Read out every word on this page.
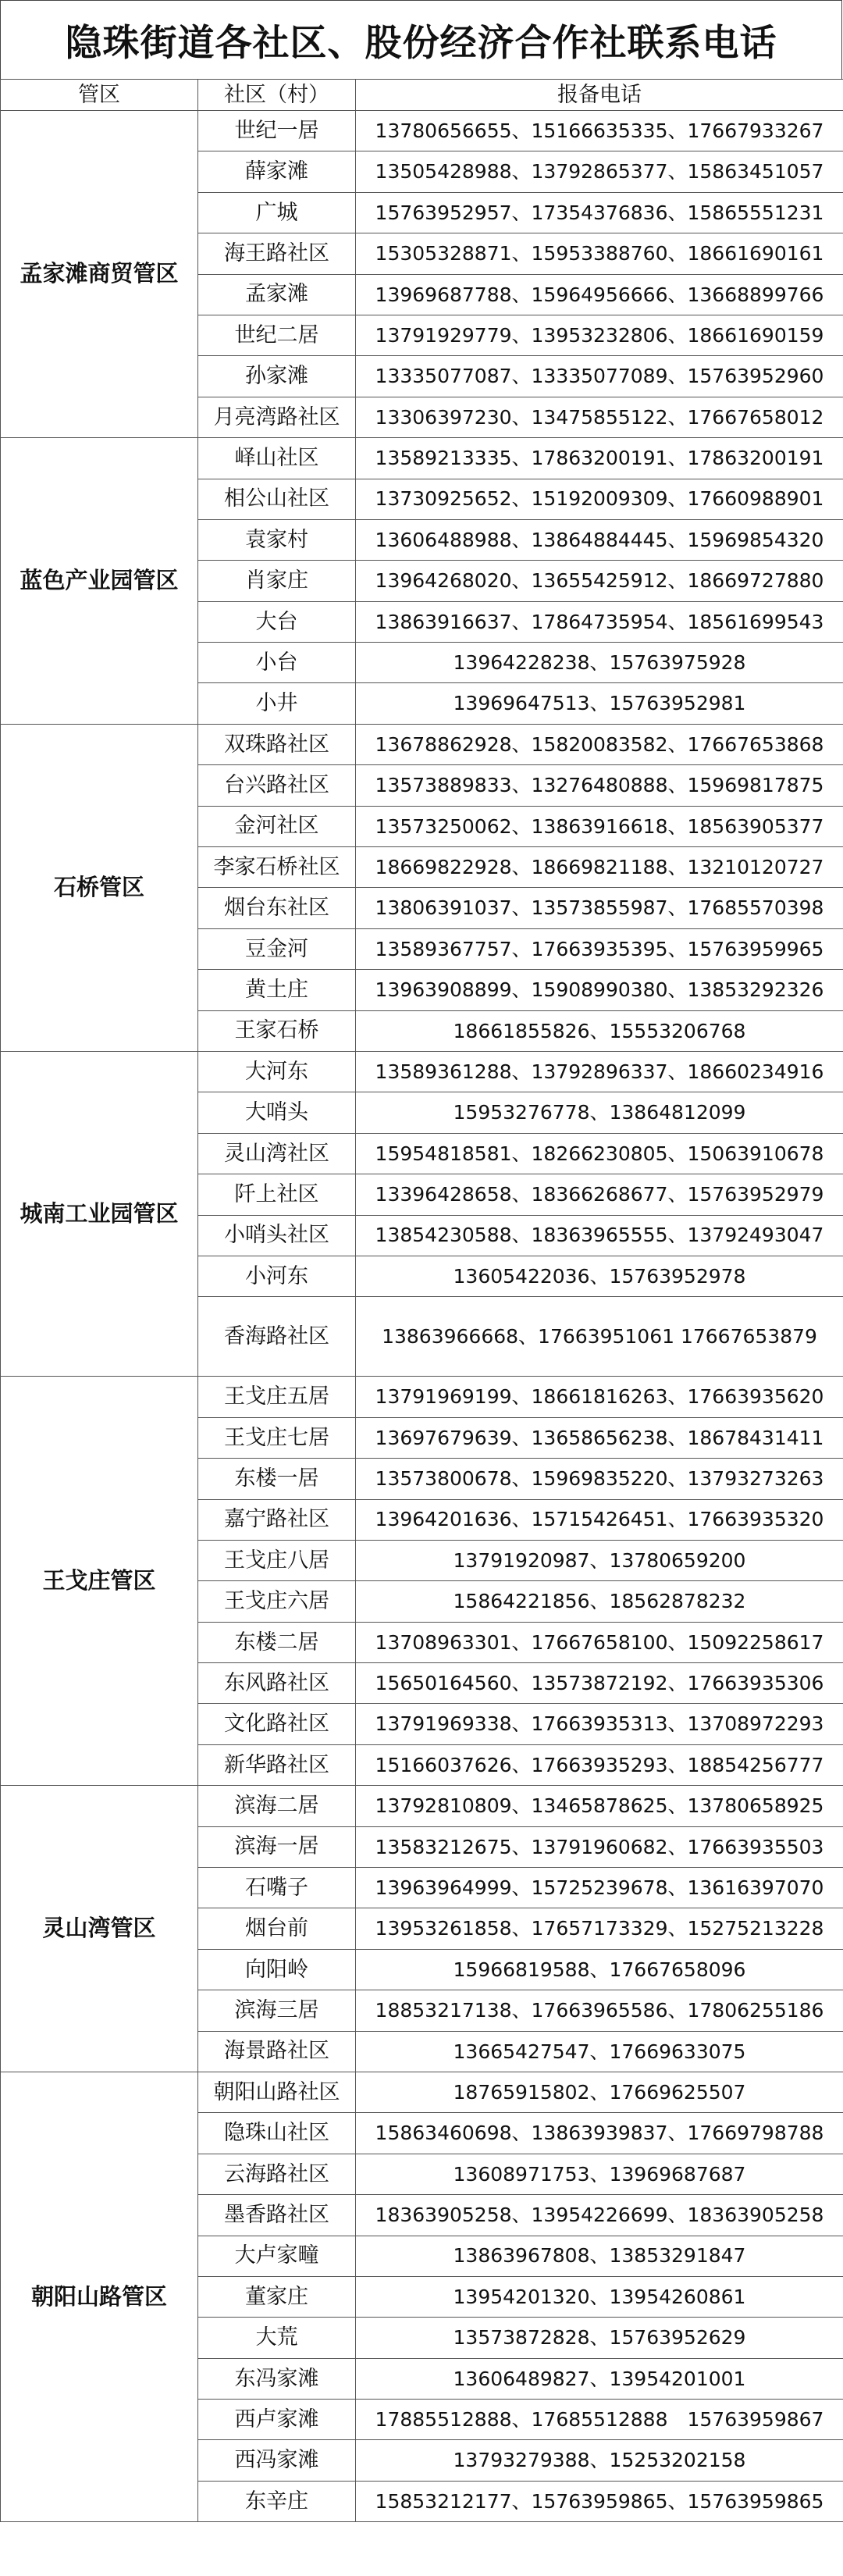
隐珠街道各社区、股份经济合作社联系电话
管区	社区（村）	报备电话
孟家滩商贸管区	世纪一居	13780656655、15166635335、17667933267
	薛家滩	13505428988、13792865377、15863451057
	广城	15763952957、17354376836、15865551231
	海王路社区	15305328871、15953388760、18661690161
	孟家滩	13969687788、15964956666、13668899766
	世纪二居	13791929779、13953232806、18661690159
	孙家滩	13335077087、13335077089、15763952960
	月亮湾路社区	13306397230、13475855122、17667658012
蓝色产业园管区	峄山社区	13589213335、17863200191、17863200191
	相公山社区	13730925652、15192009309、17660988901
	袁家村	13606488988、13864884445、15969854320
	肖家庄	13964268020、13655425912、18669727880
	大台	13863916637、17864735954、18561699543
	小台	13964228238、15763975928
	小井	13969647513、15763952981
石桥管区	双珠路社区	13678862928、15820083582、17667653868
	台兴路社区	13573889833、13276480888、15969817875
	金河社区	13573250062、13863916618、18563905377
	李家石桥社区	18669822928、18669821188、13210120727
	烟台东社区	13806391037、13573855987、17685570398
	豆金河	13589367757、17663935395、15763959965
	黄土庄	13963908899、15908990380、13853292326
	王家石桥	18661855826、15553206768
城南工业园管区	大河东	13589361288、13792896337、18660234916
	大哨头	15953276778、13864812099
	灵山湾社区	15954818581、18266230805、15063910678
	阡上社区	13396428658、18366268677、15763952979
	小哨头社区	13854230588、18363965555、13792493047
	小河东	13605422036、15763952978
	香海路社区	13863966668、17663951061 17667653879

王戈庄管区	王戈庄五居	13791969199、18661816263、17663935620
	王戈庄七居	13697679639、13658656238、18678431411
	东楼一居	13573800678、15969835220、13793273263
	嘉宁路社区	13964201636、15715426451、17663935320
	王戈庄八居	13791920987、13780659200
	王戈庄六居	15864221856、18562878232
	东楼二居	13708963301、17667658100、15092258617
	东风路社区	15650164560、13573872192、17663935306
	文化路社区	13791969338、17663935313、13708972293
	新华路社区	15166037626、17663935293、18854256777
灵山湾管区	滨海二居	13792810809、13465878625、13780658925
	滨海一居	13583212675、13791960682、17663935503
	石嘴子	13963964999、15725239678、13616397070
	烟台前	13953261858、17657173329、15275213228
	向阳岭	15966819588、17667658096
	滨海三居	18853217138、17663965586、17806255186
	海景路社区	13665427547、17669633075
朝阳山路管区	朝阳山路社区	18765915802、17669625507
	隐珠山社区	15863460698、13863939837、17669798788
	云海路社区	13608971753、13969687687
	墨香路社区	18363905258、13954226699、18363905258
	大卢家疃	13863967808、13853291847
	董家庄	13954201320、13954260861
	大荒	13573872828、15763952629
	东冯家滩	13606489827、13954201001
	西卢家滩	17885512888、17685512888　15763959867
	西冯家滩	13793279388、15253202158
	东辛庄	15853212177、15763959865、15763959865
